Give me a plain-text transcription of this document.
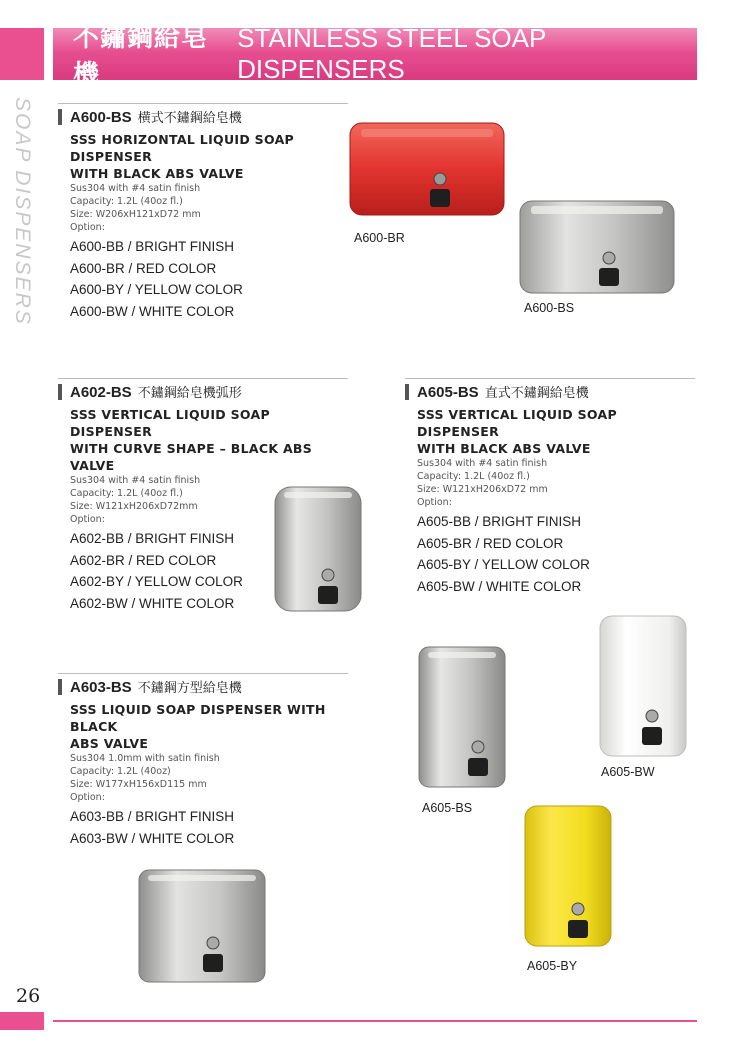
不鏽鋼給皂機
STAINLESS STEEL SOAP DISPENSERS
SOAP DISPENSERS A600-BS 横式不鏽鋼給皂機
SSS HORIZONTAL LIQUID SOAP DISPENSER
WITH BLACK ABS VALVE
Sus304 with #4 satin finish
Capacity: 1.2L (40oz fl.)
Size: W206xH121xD72 mm
Option:
A600-BB / BRIGHT FINISH
A600-BR / RED COLOR
A600-BY / YELLOW COLOR
A600-BW / WHITE COLOR
A600-BR
A600-BS
A602-BS 不鏽鋼給皂機弧形
SSS VERTICAL LIQUID SOAP DISPENSER
WITH CURVE SHAPE – BLACK ABS VALVE
Sus304 with #4 satin finish
Capacity: 1.2L (40oz fl.)
Size: W121xH206xD72mm
Option:
A602-BB / BRIGHT FINISH
A602-BR / RED COLOR
A602-BY / YELLOW COLOR
A602-BW / WHITE COLOR
A605-BS 直式不鏽鋼給皂機
SSS VERTICAL LIQUID SOAP DISPENSER
WITH BLACK ABS VALVE
Sus304 with #4 satin finish
Capacity: 1.2L (40oz fl.)
Size: W121xH206xD72 mm
Option:
A605-BB / BRIGHT FINISH
A605-BR / RED COLOR
A605-BY / YELLOW COLOR
A605-BW / WHITE COLOR
A605-BW
A605-BS
A605-BY
A603-BS 不鏽鋼方型給皂機
SSS LIQUID SOAP DISPENSER WITH BLACK
ABS VALVE
Sus304 1.0mm with satin finish
Capacity: 1.2L (40oz)
Size: W177xH156xD115 mm
Option:
A603-BB / BRIGHT FINISH
A603-BW / WHITE COLOR
26
